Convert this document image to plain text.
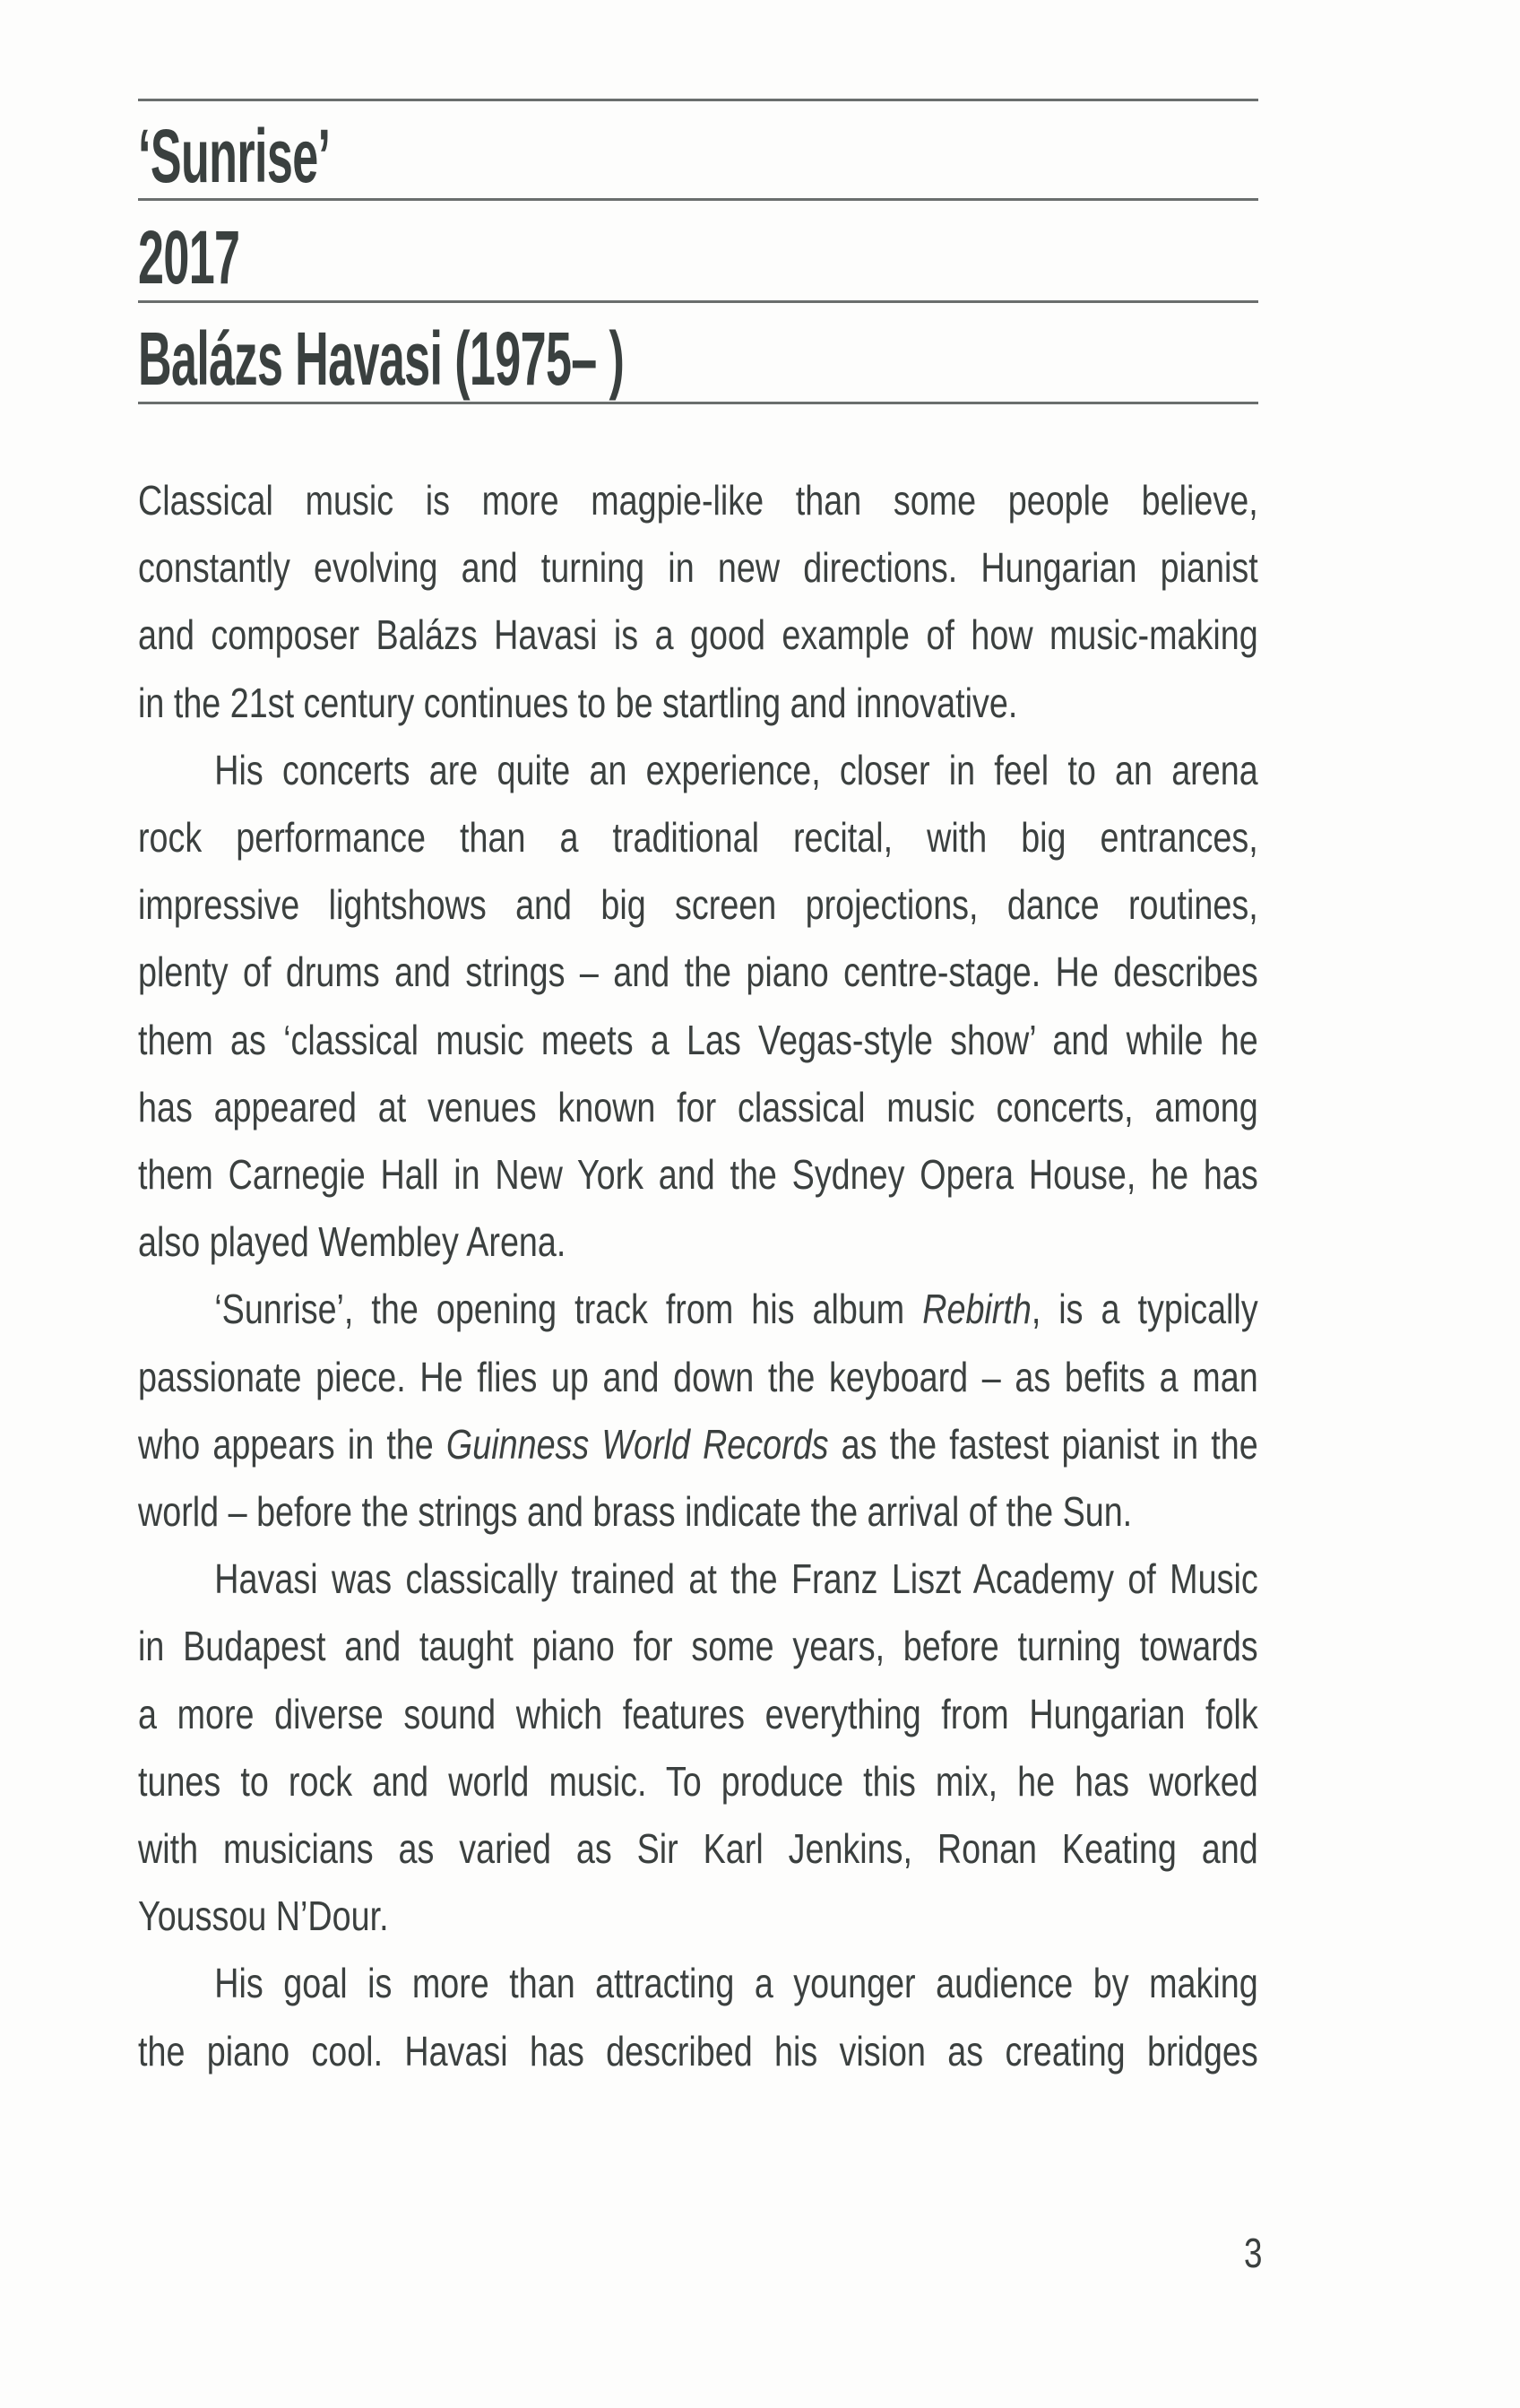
‘Sunrise’
2017
Balázs Havasi (1975– )
Classical music is more magpie-like than some people believe,
constantly evolving and turning in new directions. Hungarian pianist
and composer Balázs Havasi is a good example of how music-making
in the 21st century continues to be startling and innovative.
His concerts are quite an experience, closer in feel to an arena
rock performance than a traditional recital, with big entrances,
impressive lightshows and big screen projections, dance routines,
plenty of drums and strings – and the piano centre-stage. He describes
them as ‘classical music meets a Las Vegas-style show’ and while he
has appeared at venues known for classical music concerts, among
them Carnegie Hall in New York and the Sydney Opera House, he has
also played Wembley Arena.
‘Sunrise’, the opening track from his album Rebirth, is a typically
passionate piece. He flies up and down the keyboard – as befits a man
who appears in the Guinness World Records as the fastest pianist in the
world – before the strings and brass indicate the arrival of the Sun.
Havasi was classically trained at the Franz Liszt Academy of Music
in Budapest and taught piano for some years, before turning towards
a more diverse sound which features everything from Hungarian folk
tunes to rock and world music. To produce this mix, he has worked
with musicians as varied as Sir Karl Jenkins, Ronan Keating and
Youssou N’Dour.
His goal is more than attracting a younger audience by making
the piano cool. Havasi has described his vision as creating bridges
3
